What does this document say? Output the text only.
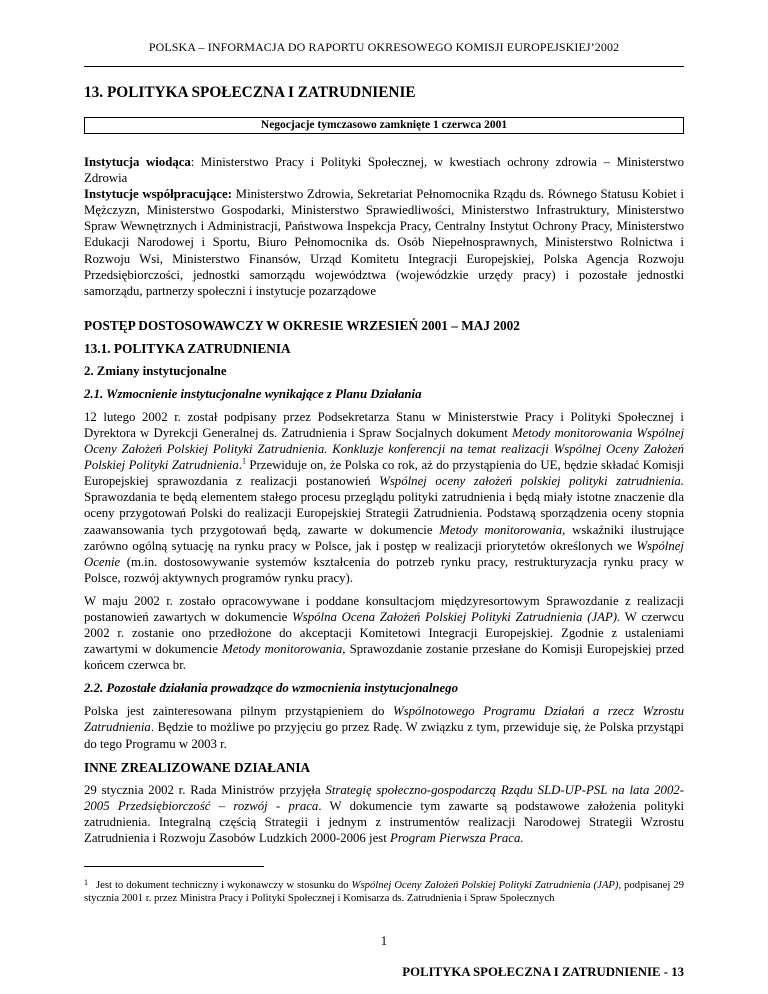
POLSKA – INFORMACJA DO RAPORTU OKRESOWEGO KOMISJI EUROPEJSKIEJ’2002
13. POLITYKA SPOŁECZNA I ZATRUDNIENIE
Negocjacje tymczasowo zamknięte 1 czerwca 2001

Instytucja wiodąca: Ministerstwo Pracy i Polityki Społecznej, w kwestiach ochrony zdrowia – Ministerstwo Zdrowia

Instytucje współpracujące: Ministerstwo Zdrowia, Sekretariat Pełnomocnika Rządu ds. Równego Statusu Kobiet i Mężczyzn, Ministerstwo Gospodarki, Ministerstwo Sprawiedliwości, Ministerstwo Infrastruktury, Ministerstwo Spraw Wewnętrznych i Administracji, Państwowa Inspekcja Pracy, Centralny Instytut Ochrony Pracy, Ministerstwo Edukacji Narodowej i Sportu, Biuro Pełnomocnika ds. Osób Niepełnosprawnych, Ministerstwo Rolnictwa i Rozwoju Wsi, Ministerstwo Finansów, Urząd Komitetu Integracji Europejskiej, Polska Agencja Rozwoju Przedsiębiorczości, jednostki samorządu województwa (wojewódzkie urzędy pracy) i pozostałe jednostki samorządu, partnerzy społeczni i instytucje pozarządowe

POSTĘP DOSTOSOWAWCZY W OKRESIE WRZESIEŃ 2001 – MAJ 2002
13.1. POLITYKA ZATRUDNIENIA
2. Zmiany instytucjonalne
2.1. Wzmocnienie instytucjonalne wynikające z Planu Działania

12 lutego 2002 r. został podpisany przez Podsekretarza Stanu w Ministerstwie Pracy i Polityki Społecznej i Dyrektora w Dyrekcji Generalnej ds. Zatrudnienia i Spraw Socjalnych dokument Metody monitorowania Wspólnej Oceny Założeń Polskiej Polityki Zatrudnienia. Konkluzje konferencji na temat realizacji Wspólnej Oceny Założeń Polskiej Polityki Zatrudnienia.$^1$ Przewiduje on, że Polska co rok, aż do przystąpienia do UE, będzie składać Komisji Europejskiej sprawozdania z realizacji postanowień Wspólnej oceny założeń polskiej polityki zatrudnienia. Sprawozdania te będą elementem stałego procesu przeglądu polityki zatrudnienia i będą miały istotne znaczenie dla oceny przygotowań Polski do realizacji Europejskiej Strategii Zatrudnienia. Podstawą sporządzenia oceny stopnia zaawansowania tych przygotowań będą, zawarte w dokumencie Metody monitorowania, wskaźniki ilustrujące zarówno ogólną sytuację na rynku pracy w Polsce, jak i postęp w realizacji priorytetów określonych we Wspólnej Ocenie (m.in. dostosowywanie systemów kształcenia do potrzeb rynku pracy, restrukturyzacja rynku pracy w Polsce, rozwój aktywnych programów rynku pracy).

W maju 2002 r. zostało opracowywane i poddane konsultacjom międzyresortowym Sprawozdanie z realizacji postanowień zawartych w dokumencie Wspólna Ocena Założeń Polskiej Polityki Zatrudnienia (JAP). W czerwcu 2002 r. zostanie ono przedłożone do akceptacji Komitetowi Integracji Europejskiej. Zgodnie z ustaleniami zawartymi w dokumencie Metody monitorowania, Sprawozdanie zostanie przesłane do Komisji Europejskiej przed końcem czerwca br.

2.2. Pozostałe działania prowadzące do wzmocnienia instytucjonalnego

Polska jest zainteresowana pilnym przystąpieniem do Wspólnotowego Programu Działań a rzecz Wzrostu Zatrudnienia. Będzie to możliwe po przyjęciu go przez Radę. W związku z tym, przewiduje się, że Polska przystąpi do tego Programu w 2003 r.

INNE ZREALIZOWANE DZIAŁANIA

29 stycznia 2002 r. Rada Ministrów przyjęła Strategię społeczno-gospodarczą Rządu SLD-UP-PSL na lata 2002-2005 Przedsiębiorczość – rozwój - praca. W dokumencie tym zawarte są podstawowe założenia polityki zatrudnienia. Integralną częścią Strategii i jednym z instrumentów realizacji Narodowej Strategii Wzrostu Zatrudnienia i Rozwoju Zasobów Ludzkich 2000-2006 jest Program Pierwsza Praca.

1 Jest to dokument techniczny i wykonawczy w stosunku do Wspólnej Oceny Założeń Polskiej Polityki Zatrudnienia (JAP), podpisanej 29 stycznia 2001 r. przez Ministra Pracy i Polityki Społecznej i Komisarza ds. Zatrudnienia i Spraw Społecznych
1
POLITYKA SPOŁECZNA I ZATRUDNIENIE - 13
